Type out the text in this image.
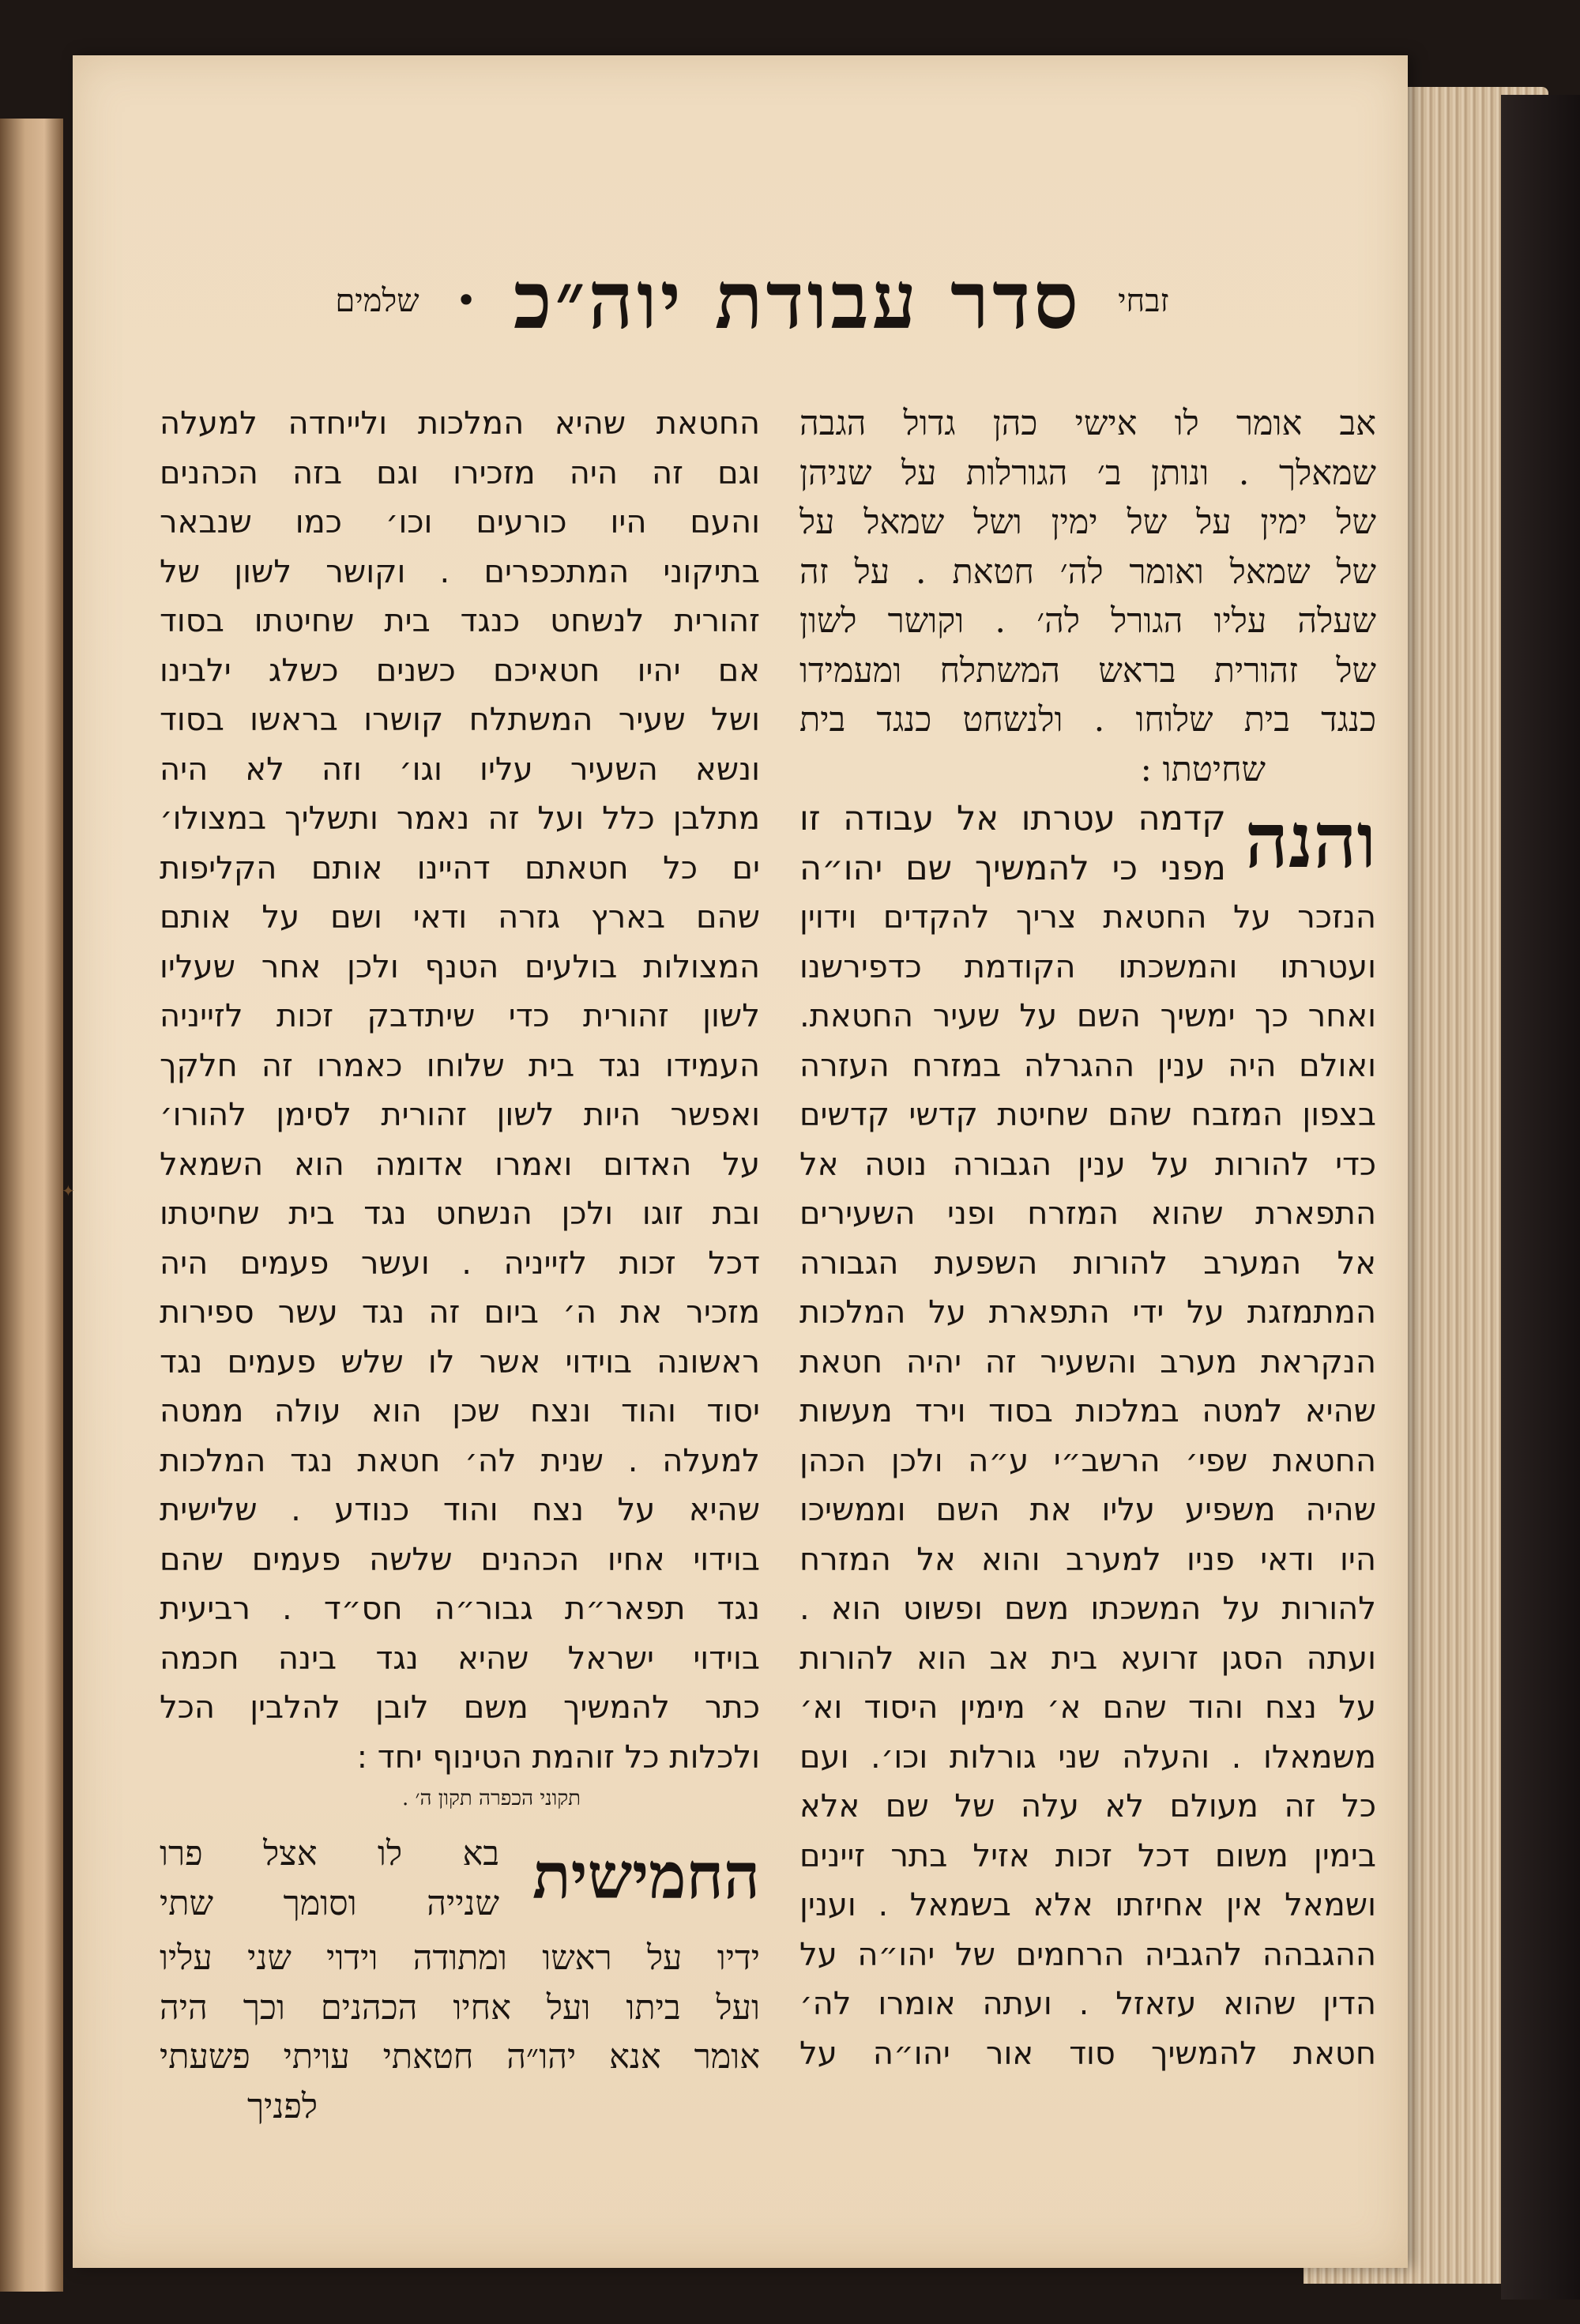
✦
זבחי
סדר עבודת יוה״כ
•
שלמים
אב אומר לו אישי כהן גדול הגבה
שמאלך . ונותן ב׳ הגורלות על שניהן
של ימין על של ימין ושל שמאל על
של שמאל ואומר לה׳ חטאת . על זה
שעלה עליו הגורל לה׳ . וקושר לשון
של זהורית בראש המשתלח ומעמידו
כנגד בית שלוחו . ולנשחט כנגד בית
שחיטתו :
והנה
קדמה עטרתו אל עבודה זו
מפני כי להמשיך שם יהו״ה
הנזכר על החטאת צריך להקדים וידוין
ועטרתו והמשכתו הקודמת כדפירשנו
ואחר כך ימשיך השם על שעיר החטאת.
ואולם היה ענין ההגרלה במזרח העזרה
בצפון המזבח שהם שחיטת קדשי קדשים
כדי להורות על ענין הגבורה נוטה אל
התפארת שהוא המזרח ופני השעירים
אל המערב להורות השפעת הגבורה
המתמזגת על ידי התפארת על המלכות
הנקראת מערב והשעיר זה יהיה חטאת
שהיא למטה במלכות בסוד וירד מעשות
החטאת שפי׳ הרשב״י ע״ה ולכן הכהן
שהיה משפיע עליו את השם וממשיכו
היו ודאי פניו למערב והוא אל המזרח
להורות על המשכתו משם ופשוט הוא .
ועתה הסגן זרועא בית אב הוא להורות
על נצח והוד שהם א׳ מימין היסוד וא׳
משמאלו . והעלה שני גורלות וכו׳. ועם
כל זה מעולם לא עלה של שם אלא
בימין משום דכל זכות אזיל בתר זיינים
ושמאל אין אחיזתו אלא בשמאל . וענין
ההגבהה להגביה הרחמים של יהו״ה על
הדין שהוא עזאזל . ועתה אומרו לה׳
חטאת להמשיך סוד אור יהו״ה על
החטאת שהיא המלכות ולייחדה למעלה
וגם זה היה מזכירו וגם בזה הכהנים
והעם היו כורעים וכו׳ כמו שנבאר
בתיקוני המתכפרים . וקושר לשון של
זהורית לנשחט כנגד בית שחיטתו בסוד
אם יהיו חטאיכם כשנים כשלג ילבינו
ושל שעיר המשתלח קושרו בראשו בסוד
ונשא השעיר עליו וגו׳ וזה לא היה
מתלבן כלל ועל זה נאמר ותשליך במצולו׳
ים כל חטאתם דהיינו אותם הקליפות
שהם בארץ גזרה ודאי ושם על אותם
המצולות בולעים הטנף ולכן אחר שעליו
לשון זהורית כדי שיתדבק זכות לזייניה
העמידו נגד בית שלוחו כאמרו זה חלקך
ואפשר היות לשון זהורית לסימן להורו׳
על האדום ואמרו אדומה הוא השמאל
ובת זוגו ולכן הנשחט נגד בית שחיטתו
דכל זכות לזייניה . ועשר פעמים היה
מזכיר את ה׳ ביום זה נגד עשר ספירות
ראשונה בוידוי אשר לו שלש פעמים נגד
יסוד והוד ונצח שכן הוא עולה ממטה
למעלה . שנית לה׳ חטאת נגד המלכות
שהיא על נצח והוד כנודע . שלישית
בוידוי אחיו הכהנים שלשה פעמים שהם
נגד תפאר״ת גבור״ה חס״ד . רביעית
בוידוי ישראל שהיא נגד בינה חכמה
כתר להמשיך משם לובן להלבין הכל
ולכלות כל זוהמת הטינוף יחד :
תקוני הכפרה תקון ה׳ .
החמישית
בא לו אצל פרו
שנייה וסומך שתי
ידיו על ראשו ומתודה וידוי שני עליו
ועל ביתו ועל אחיו הכהנים וכך היה
אומר אנא יהו״ה חטאתי עויתי פשעתי
לפניך
